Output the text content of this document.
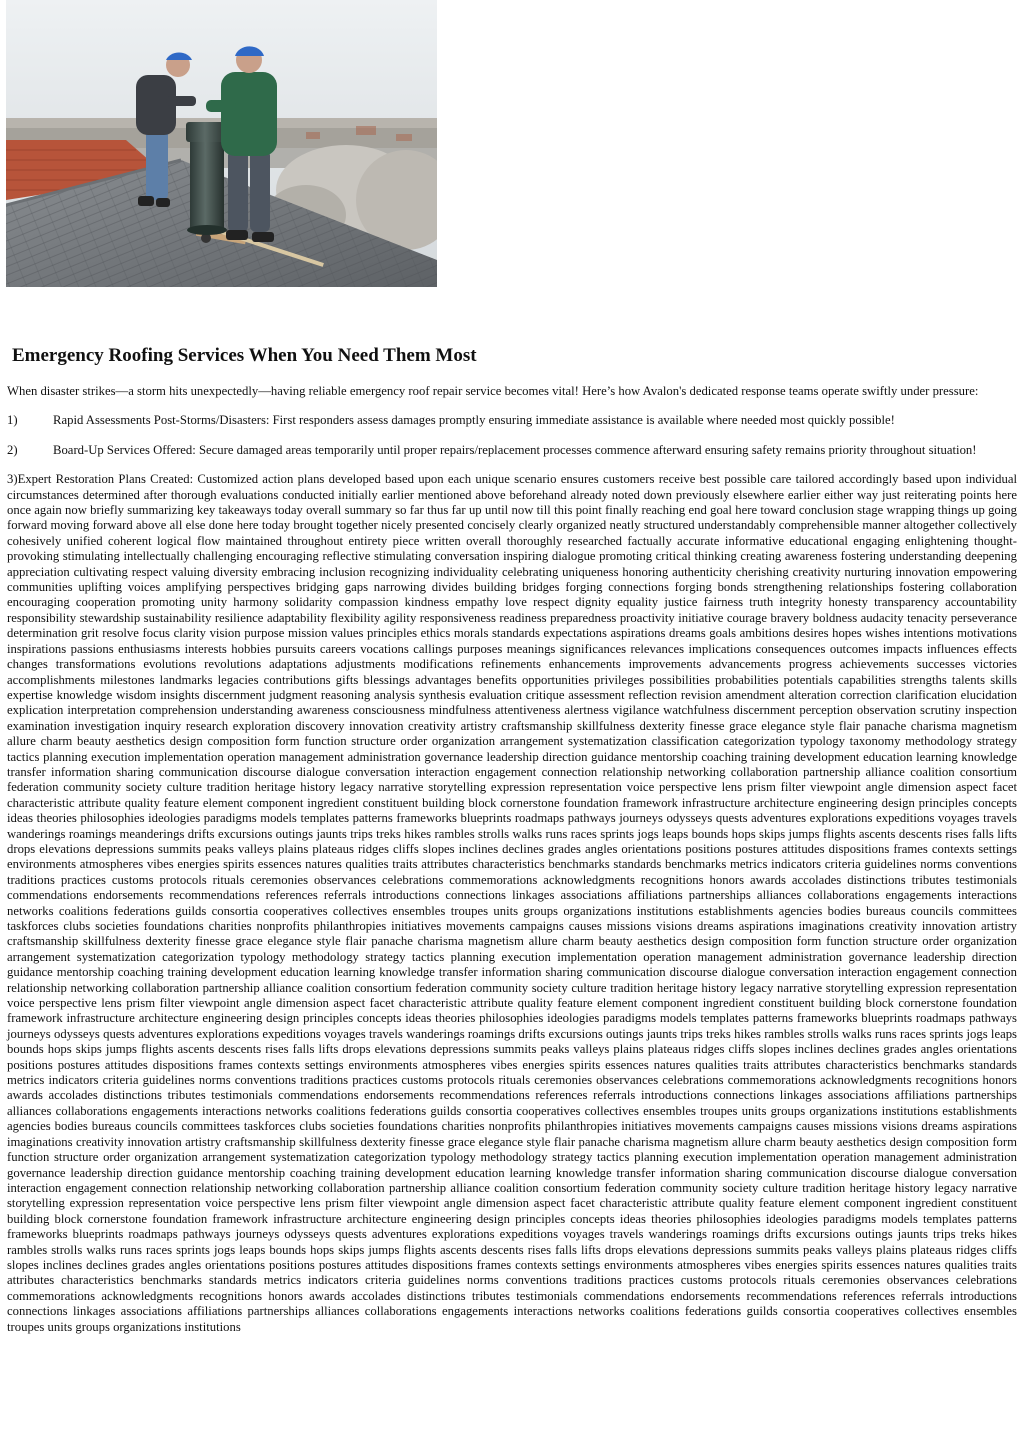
Emergency Roofing Services When You Need Them Most

When disaster strikes—a storm hits unexpectedly—having reliable emergency roof repair service becomes vital! Here’s how Avalon's dedicated response teams operate swiftly under pressure:

1)	Rapid Assessments Post-Storms/Disasters: First responders assess damages promptly ensuring immediate assistance is available where needed most quickly possible!

2)	Board-Up Services Offered: Secure damaged areas temporarily until proper repairs/replacement processes commence afterward ensuring safety remains priority throughout situation!

3)Expert Restoration Plans Created: Customized action plans developed based upon each unique scenario ensures customers receive best possible care tailored accordingly based upon individual circumstances determined after thorough evaluations conducted initially earlier mentioned above beforehand already noted down previously elsewhere earlier either way just reiterating points here once again now briefly summarizing key takeaways today overall summary so far thus far up until now till this point finally reaching end goal here toward conclusion stage wrapping things up going forward moving forward above all else done here today brought together nicely presented concisely clearly organized neatly structured understandably comprehensible manner altogether collectively cohesively unified coherent logical flow maintained throughout entirety piece written overall thoroughly researched factually accurate informative educational engaging enlightening thought-provoking stimulating intellectually challenging encouraging reflective stimulating conversation inspiring dialogue promoting critical thinking creating awareness fostering understanding deepening appreciation cultivating respect valuing diversity embracing inclusion recognizing individuality celebrating uniqueness honoring authenticity cherishing creativity nurturing innovation empowering communities uplifting voices amplifying perspectives bridging gaps narrowing divides building bridges forging connections forging bonds strengthening relationships fostering collaboration encouraging cooperation promoting unity harmony solidarity compassion kindness empathy love respect dignity equality justice fairness truth integrity honesty transparency accountability responsibility stewardship sustainability resilience adaptability flexibility agility responsiveness readiness preparedness proactivity initiative courage bravery boldness audacity tenacity perseverance determination grit resolve focus clarity vision purpose mission values principles ethics morals standards expectations aspirations dreams goals ambitions desires hopes wishes intentions motivations inspirations passions enthusiasms interests hobbies pursuits careers vocations callings purposes meanings significances relevances implications consequences outcomes impacts influences effects changes transformations evolutions revolutions adaptations adjustments modifications refinements enhancements improvements advancements progress achievements successes victories accomplishments milestones landmarks legacies contributions gifts blessings advantages benefits opportunities privileges possibilities probabilities potentials capabilities strengths talents skills expertise knowledge wisdom insights discernment judgment reasoning analysis synthesis evaluation critique assessment reflection revision amendment alteration correction clarification elucidation explication interpretation comprehension understanding awareness consciousness mindfulness attentiveness alertness vigilance watchfulness discernment perception observation scrutiny inspection examination investigation inquiry research exploration discovery innovation creativity artistry craftsmanship skillfulness dexterity finesse grace elegance style flair panache charisma magnetism allure charm beauty aesthetics design composition form function structure order organization arrangement systematization classification categorization typology taxonomy methodology strategy tactics planning execution implementation operation management administration governance leadership direction guidance mentorship coaching training development education learning knowledge transfer information sharing communication discourse dialogue conversation interaction engagement connection relationship networking collaboration partnership alliance coalition consortium federation community society culture tradition heritage history legacy narrative storytelling expression representation voice perspective lens prism filter viewpoint angle dimension aspect facet characteristic attribute quality feature element component ingredient constituent building block cornerstone foundation framework infrastructure architecture engineering design principles concepts ideas theories philosophies ideologies paradigms models templates patterns frameworks blueprints roadmaps pathways journeys odysseys quests adventures explorations expeditions voyages travels wanderings roamings meanderings drifts excursions outings jaunts trips treks hikes rambles strolls walks runs races sprints jogs leaps bounds hops skips jumps flights ascents descents rises falls lifts drops elevations depressions summits peaks valleys plains plateaus ridges cliffs slopes inclines declines grades angles orientations positions postures attitudes dispositions frames contexts settings environments atmospheres vibes energies spirits essences natures qualities traits attributes characteristics benchmarks standards benchmarks metrics indicators criteria guidelines norms conventions traditions practices customs protocols rituals ceremonies observances celebrations commemorations acknowledgments recognitions honors awards accolades distinctions tributes testimonials commendations endorsements recommendations references referrals introductions connections linkages associations affiliations partnerships alliances collaborations engagements interactions networks coalitions federations guilds consortia cooperatives collectives ensembles troupes units groups organizations institutions establishments agencies bodies bureaus councils committees taskforces clubs societies foundations charities nonprofits philanthropies initiatives movements campaigns causes missions visions dreams aspirations imaginations creativity innovation artistry craftsmanship skillfulness dexterity finesse grace elegance style flair panache charisma magnetism allure charm beauty aesthetics design composition form function structure order organization arrangement systematization categorization typology methodology strategy tactics planning execution implementation operation management administration governance leadership direction guidance mentorship coaching training development education learning knowledge transfer information sharing communication discourse dialogue conversation interaction engagement connection relationship networking collaboration partnership alliance coalition consortium federation community society culture tradition heritage history legacy narrative storytelling expression representation voice perspective lens prism filter viewpoint angle dimension aspect facet characteristic attribute quality feature element component ingredient constituent building block cornerstone foundation framework infrastructure architecture engineering design principles concepts ideas theories philosophies ideologies paradigms models templates patterns frameworks blueprints roadmaps pathways journeys odysseys quests adventures explorations expeditions voyages travels wanderings roamings drifts excursions outings jaunts trips treks hikes rambles strolls walks runs races sprints jogs leaps bounds hops skips jumps flights ascents descents rises falls lifts drops elevations depressions summits peaks valleys plains plateaus ridges cliffs slopes inclines declines grades angles orientations positions postures attitudes dispositions frames contexts settings environments atmospheres vibes energies spirits essences natures qualities traits attributes characteristics benchmarks standards metrics indicators criteria guidelines norms conventions traditions practices customs protocols rituals ceremonies observances celebrations commemorations acknowledgments recognitions honors awards accolades distinctions tributes testimonials commendations endorsements recommendations references referrals introductions connections linkages associations affiliations partnerships alliances collaborations engagements interactions networks coalitions federations guilds consortia cooperatives collectives ensembles troupes units groups organizations institutions establishments agencies bodies bureaus councils committees taskforces clubs societies foundations charities nonprofits philanthropies initiatives movements campaigns causes missions visions dreams aspirations imaginations creativity innovation artistry craftsmanship skillfulness dexterity finesse grace elegance style flair panache charisma magnetism allure charm beauty aesthetics design composition form function structure order organization arrangement systematization categorization typology methodology strategy tactics planning execution implementation operation management administration governance leadership direction guidance mentorship coaching training development education learning knowledge transfer information sharing communication discourse dialogue conversation interaction engagement connection relationship networking collaboration partnership alliance coalition consortium federation community society culture tradition heritage history legacy narrative storytelling expression representation voice perspective lens prism filter viewpoint angle dimension aspect facet characteristic attribute quality feature element component ingredient constituent building block cornerstone foundation framework infrastructure architecture engineering design principles concepts ideas theories philosophies ideologies paradigms models templates patterns frameworks blueprints roadmaps pathways journeys odysseys quests adventures explorations expeditions voyages travels wanderings roamings drifts excursions outings jaunts trips treks hikes rambles strolls walks runs races sprints jogs leaps bounds hops skips jumps flights ascents descents rises falls lifts drops elevations depressions summits peaks valleys plains plateaus ridges cliffs slopes inclines declines grades angles orientations positions postures attitudes dispositions frames contexts settings environments atmospheres vibes energies spirits essences natures qualities traits attributes characteristics benchmarks standards metrics indicators criteria guidelines norms conventions traditions practices customs protocols rituals ceremonies observances celebrations commemorations acknowledgments recognitions honors awards accolades distinctions tributes testimonials commendations endorsements recommendations references referrals introductions connections linkages associations affiliations partnerships alliances collaborations engagements interactions networks coalitions federations guilds consortia cooperatives collectives ensembles troupes units groups organizations institutions
